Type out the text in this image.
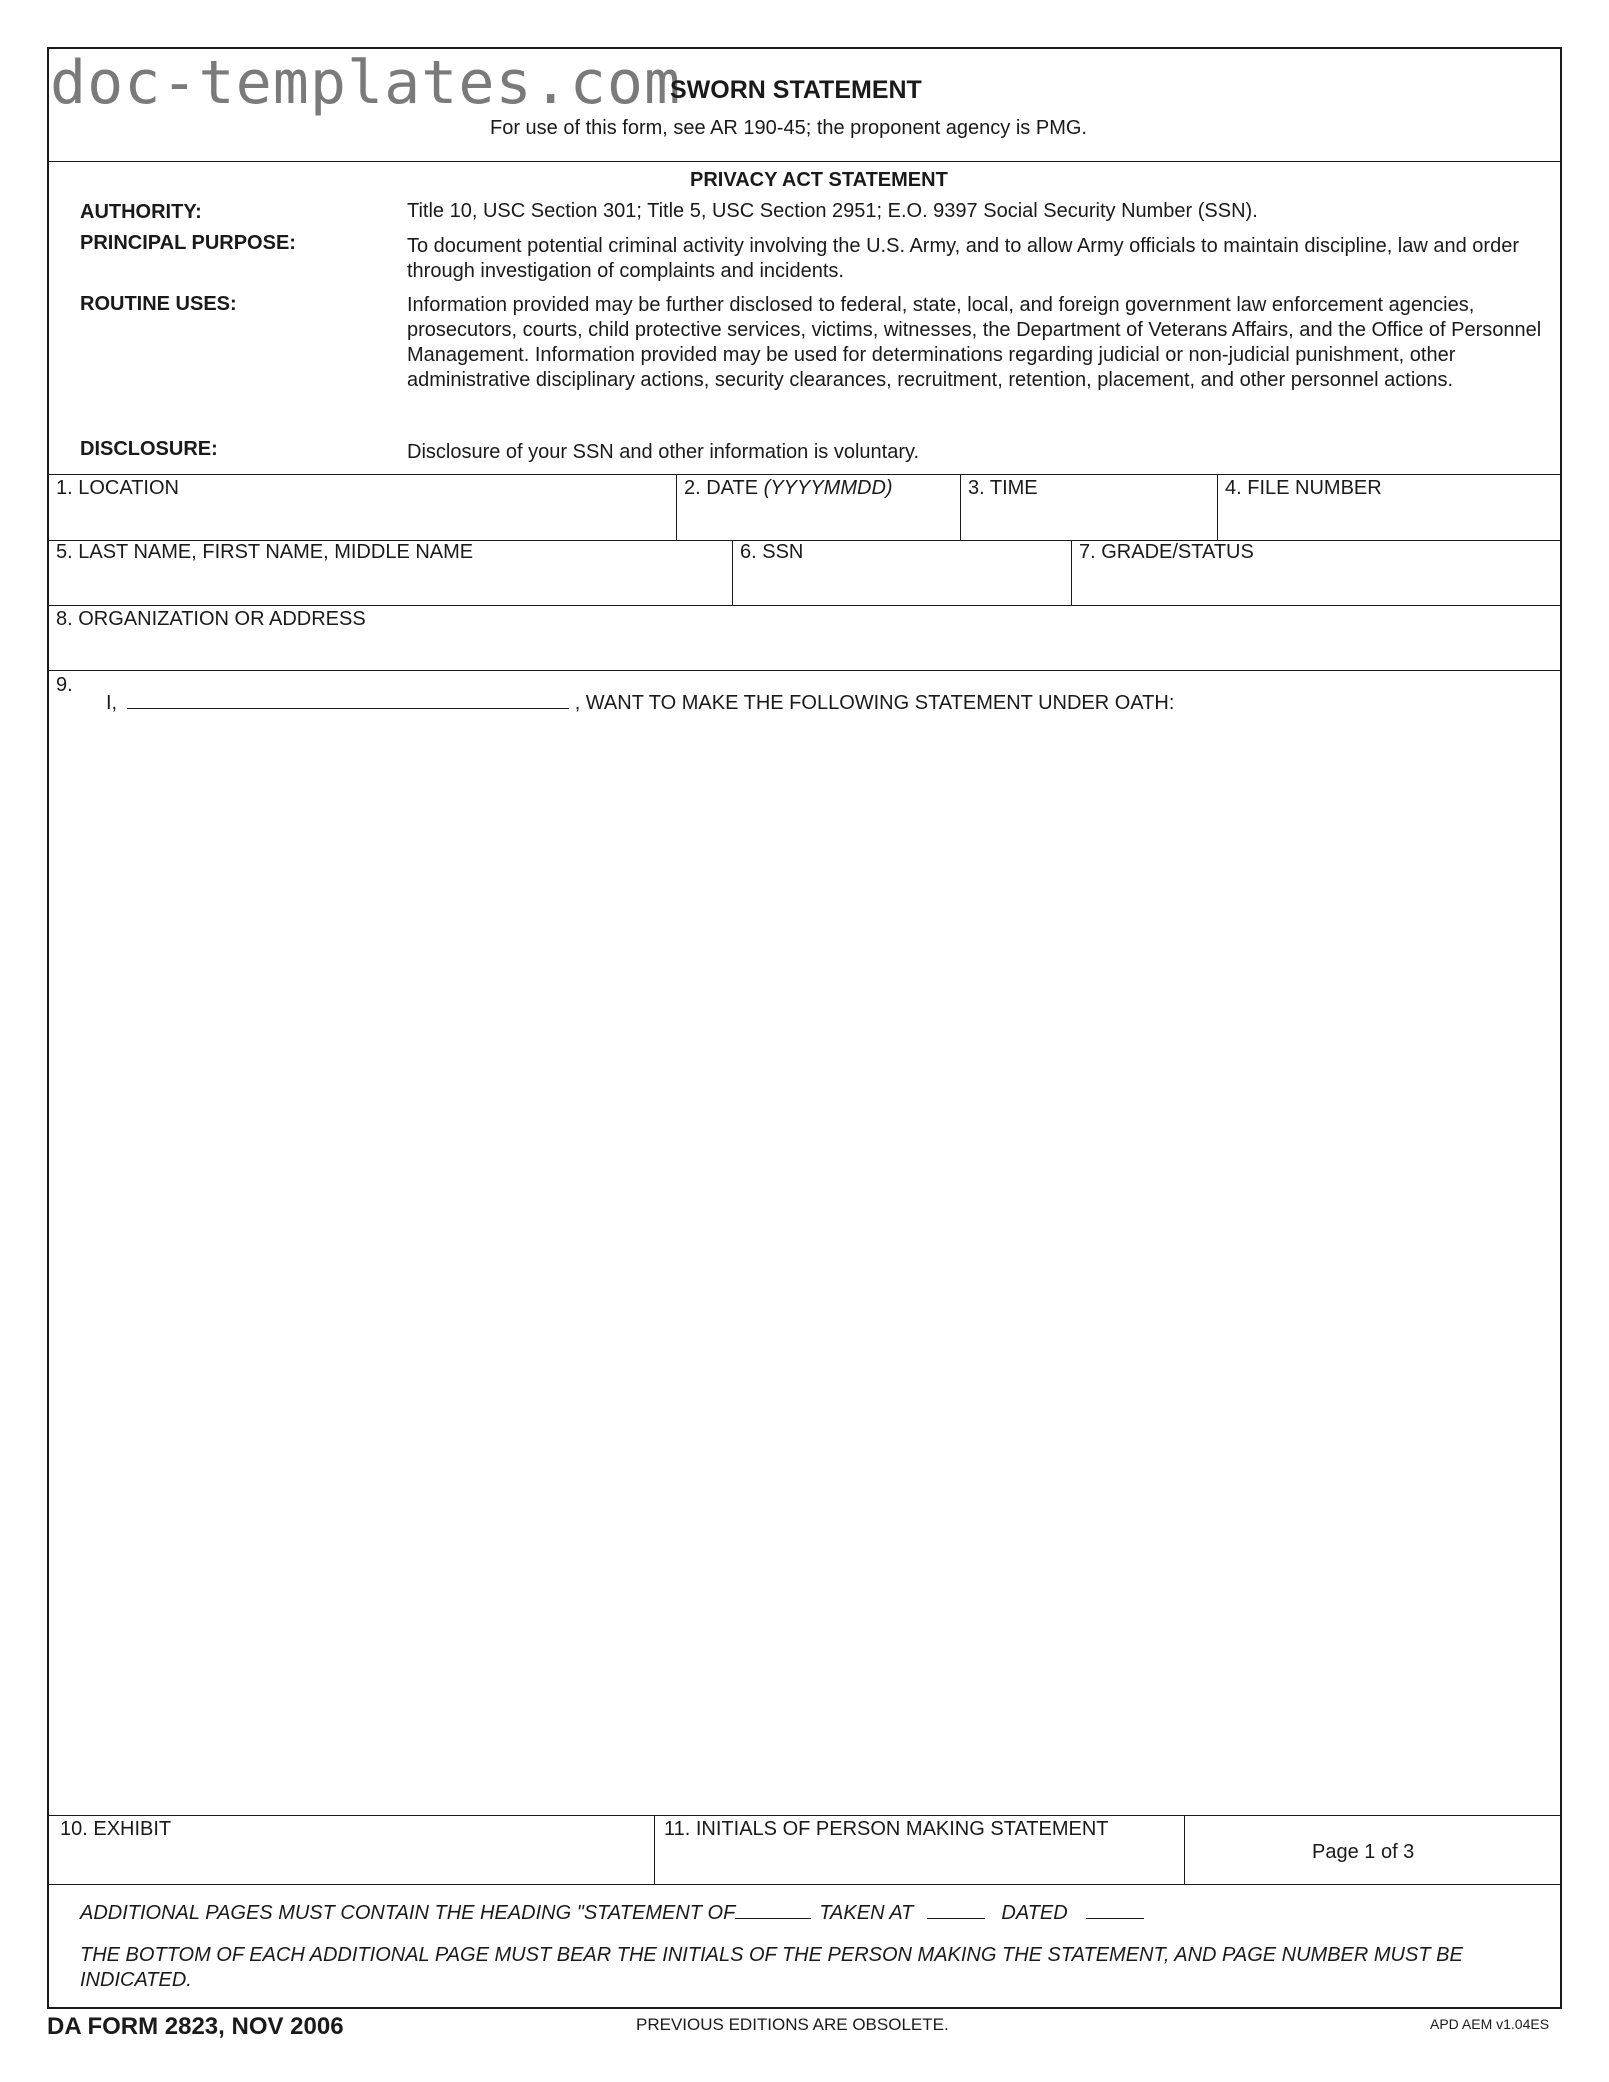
doc-templates.com
SWORN STATEMENT
For use of this form, see AR 190-45; the proponent agency is PMG.
PRIVACY ACT STATEMENT
AUTHORITY:	Title 10, USC Section 301; Title 5, USC Section 2951; E.O. 9397 Social Security Number (SSN).
PRINCIPAL PURPOSE:	To document potential criminal activity involving the U.S. Army, and to allow Army officials to maintain discipline, law and order through investigation of complaints and incidents.
ROUTINE USES:	Information provided may be further disclosed to federal, state, local, and foreign government law enforcement agencies, prosecutors, courts, child protective services, victims, witnesses, the Department of Veterans Affairs, and the Office of Personnel Management. Information provided may be used for determinations regarding judicial or non-judicial punishment, other administrative disciplinary actions, security clearances, recruitment, retention, placement, and other personnel actions.
DISCLOSURE:	Disclosure of your SSN and other information is voluntary.
1. LOCATION	2. DATE (YYYYMMDD)	3. TIME	4. FILE NUMBER
5. LAST NAME, FIRST NAME, MIDDLE NAME	6. SSN	7. GRADE/STATUS
8. ORGANIZATION OR ADDRESS
9.
I,	, WANT TO MAKE THE FOLLOWING STATEMENT UNDER OATH:
10. EXHIBIT	11. INITIALS OF PERSON MAKING STATEMENT
Page 1 of 3
ADDITIONAL PAGES MUST CONTAIN THE HEADING "STATEMENT OF	TAKEN AT	DATED
THE BOTTOM OF EACH ADDITIONAL PAGE MUST BEAR THE INITIALS OF THE PERSON MAKING THE STATEMENT, AND PAGE NUMBER MUST BE INDICATED.
DA FORM 2823, NOV 2006	PREVIOUS EDITIONS ARE OBSOLETE.	APD AEM v1.04ES
